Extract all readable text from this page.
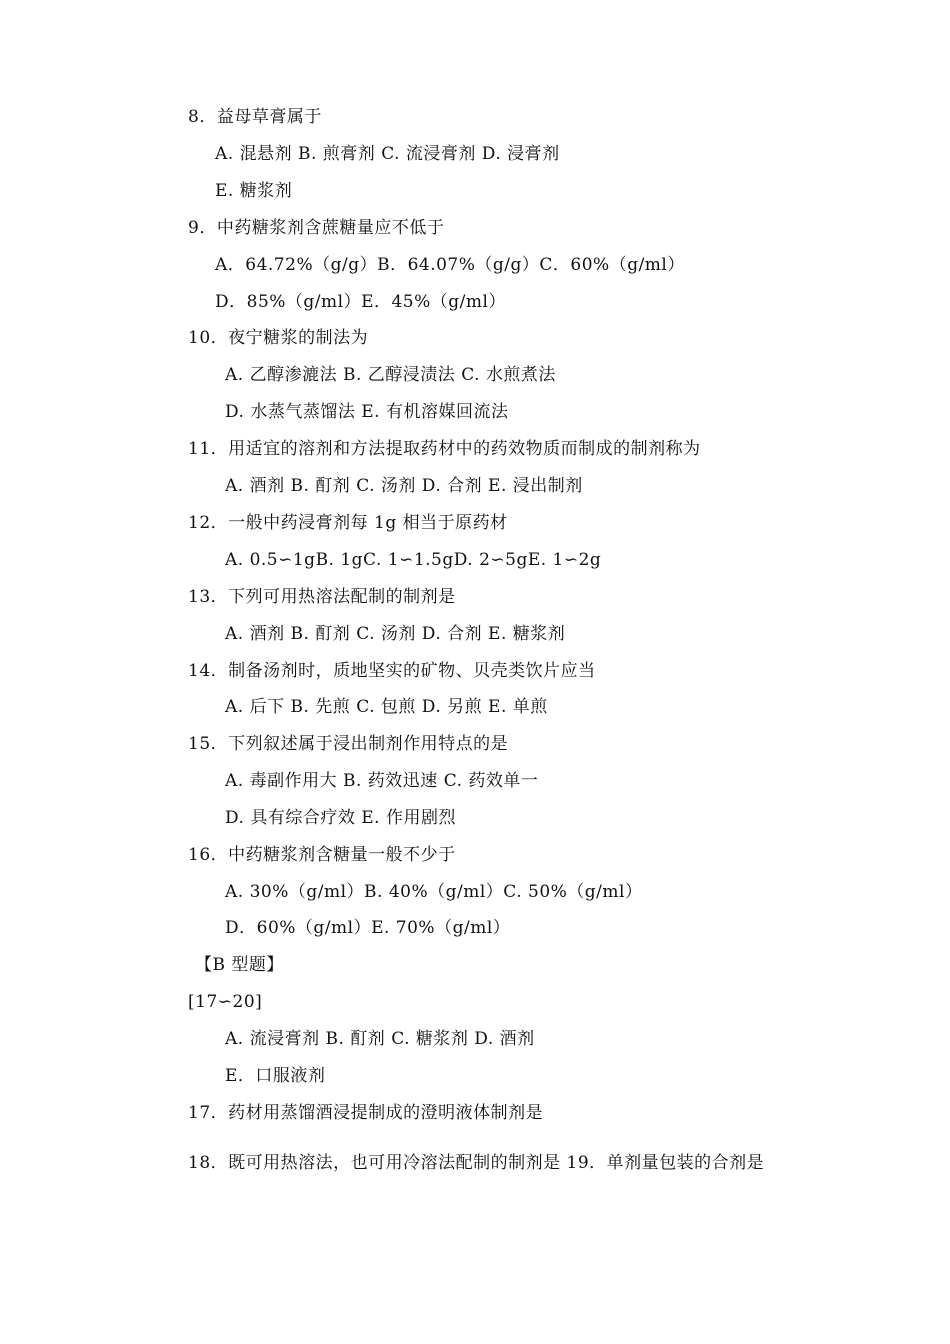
8．益母草膏属于
A. 混悬剂 B. 煎膏剂 C. 流浸膏剂 D. 浸膏剂
E. 糖浆剂
9．中药糖浆剂含蔗糖量应不低于
A．64.72%（g/g）B．64.07%（g/g）C．60%（g/ml）
D．85%（g/ml）E．45%（g/ml）
10．夜宁糖浆的制法为
A. 乙醇渗漉法 B. 乙醇浸渍法 C. 水煎煮法
D. 水蒸气蒸馏法 E. 有机溶媒回流法
11．用适宜的溶剂和方法提取药材中的药效物质而制成的制剂称为
A. 酒剂 B. 酊剂 C. 汤剂 D. 合剂 E. 浸出制剂
12．一般中药浸膏剂每 1g 相当于原药材
A. 0.5∽1gB. 1gC. 1∽1.5gD. 2∽5gE. 1∽2g
13．下列可用热溶法配制的制剂是
A. 酒剂 B. 酊剂 C. 汤剂 D. 合剂 E. 糖浆剂
14．制备汤剂时，质地坚实的矿物、贝壳类饮片应当
A. 后下 B. 先煎 C. 包煎 D. 另煎 E. 单煎
15．下列叙述属于浸出制剂作用特点的是
A. 毒副作用大 B. 药效迅速 C. 药效单一
D. 具有综合疗效 E. 作用剧烈
16．中药糖浆剂含糖量一般不少于
A. 30%（g/ml）B. 40%（g/ml）C. 50%（g/ml）
D．60%（g/ml）E. 70%（g/ml）
【B 型题】
[17∽20]
A. 流浸膏剂 B. 酊剂 C. 糖浆剂 D. 酒剂
E．口服液剂
17．药材用蒸馏酒浸提制成的澄明液体制剂是
18．既可用热溶法，也可用冷溶法配制的制剂是 19．单剂量包装的合剂是
